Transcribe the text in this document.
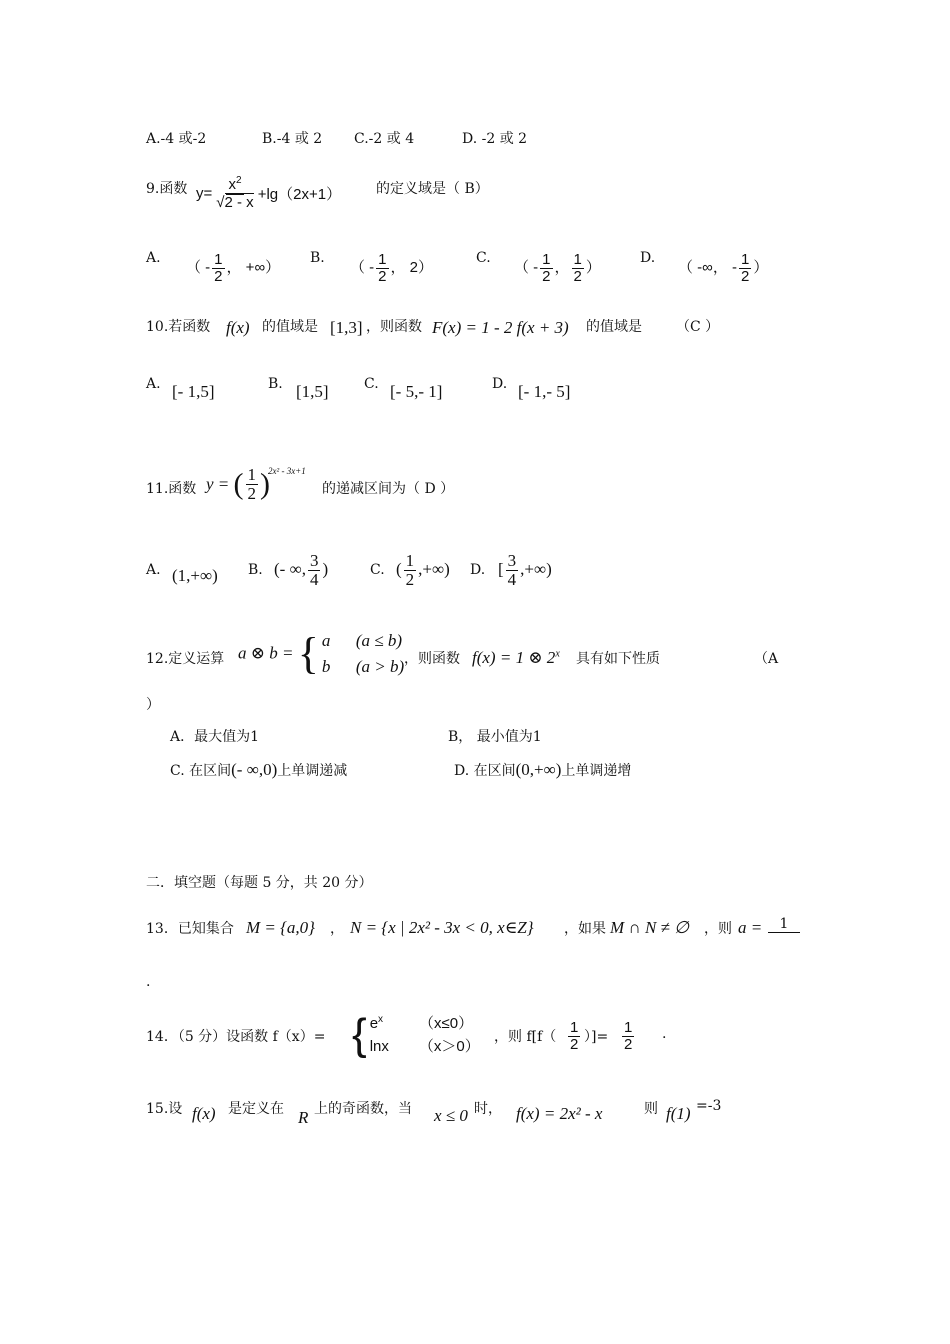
A.-4 或-2	B.-4 或 2 C.-2 或 4	D. -2 或 2
9.函数 $y= \frac{x^2}{√2 - x} +\lg(2x+1)$ 的定义域是（ B）
A.
（ - $\frac{1}{2}$ ， +∞）
B.
（ - $\frac{1}{2}$ ， 2）
C.
（ - $\frac{1}{2}$ ， $\frac{1}{2}$ ）
D.
（ -∞， - $\frac{1}{2}$ ）
10.若函数 f(x) 的值域是 [1,3] ，则函数 F(x) = 1 - 2 f(x + 3) 的值域是 （C ）
A. [- 1,5]	B. [1,5]	C. [- 5,- 1]	D. [- 1,- 5]
11.函数 y = ( $\frac{1}{2}$ )
2x² - 3x+1
的递减区间为（ D ）
A. (1,+∞) B. (- ∞, $\frac{3}{4}$ )	C. ( $\frac{1}{2}$ ,+∞) D. [ $\frac{3}{4}$ ,+∞)
12.定义运算 a ⊗ b = { a      (a ≤ b)
b      (a > b) ，则函数 f(x) = 1 ⊗ 2$^x$ 具有如下性质	（A
）
A．最大值为1	B， 最小值为1
C. 在区间(- ∞,0)上单调递减	D. 在区间(0,+∞)上单调递增
二．填空题（每题 5 分，共 20 分）
13．已知集合 M = {a,0} ， N = {x | 2x² - 3x < 0, x∈Z} ，如果 M ∩ N ≠ ∅ ，则 a =	1
.
14．（5 分）设函数 f（x）= { $e^x$ （x≤0）
lnx （x＞0）
，则 $f[f( \frac{1}{2}$ ）]= $\frac{1}{2}$ .
15.设 f(x) 是定义在 R 上的奇函数，当 x ≤ 0 时， f(x) = 2x² - x	则 f(1) =-3
